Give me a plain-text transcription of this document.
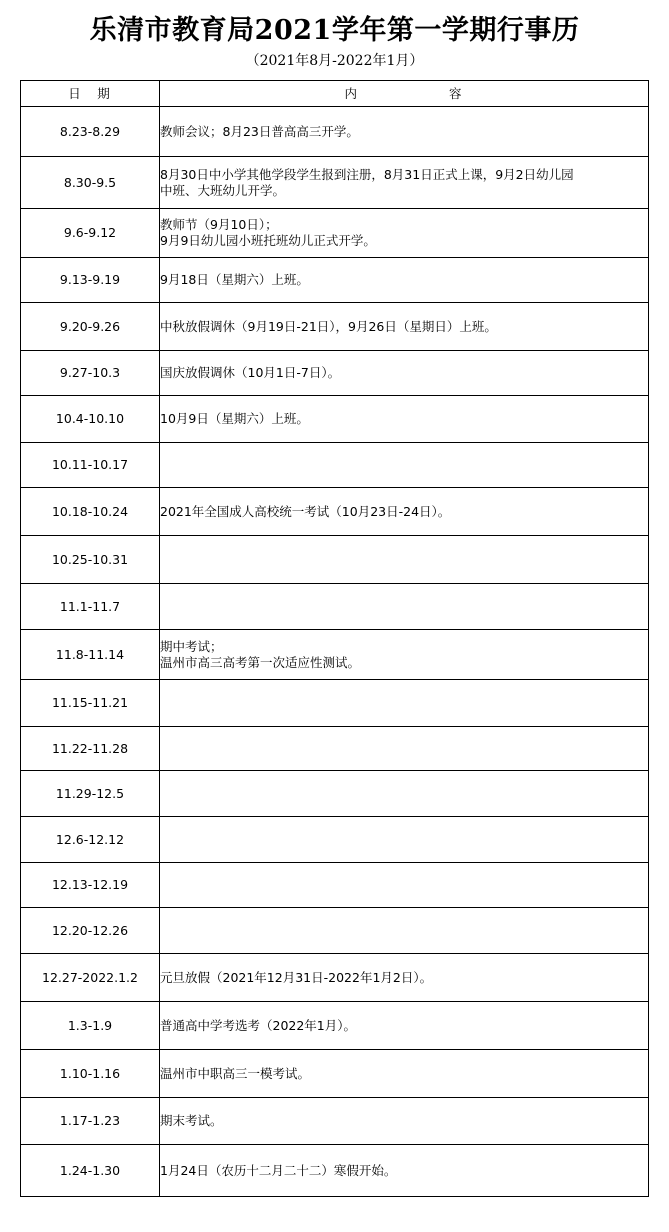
乐清市教育局2021学年第一学期行事历
（2021年8月-2022年1月）
日　期	内 容
8.23-8.29	教师会议；8月23日普高高三开学。

8.30-9.5	8月30日中小学其他学段学生报到注册，8月31日正式上课，9月2日幼儿园
中班、大班幼儿开学。

9.6-9.12	教师节（9月10日）；
9月9日幼儿园小班托班幼儿正式开学。

9.13-9.19	9月18日（星期六）上班。

9.20-9.26	中秋放假调休（9月19日-21日），9月26日（星期日）上班。

9.27-10.3	国庆放假调休（10月1日-7日）。

10.4-10.10	10月9日（星期六）上班。

10.11-10.17	
10.18-10.24	2021年全国成人高校统一考试（10月23日-24日）。

10.25-10.31	
11.1-11.7	
11.8-11.14	期中考试；
温州市高三高考第一次适应性测试。

11.15-11.21	
11.22-11.28	
11.29-12.5	
12.6-12.12	
12.13-12.19	
12.20-12.26	
12.27-2022.1.2	元旦放假（2021年12月31日-2022年1月2日）。

1.3-1.9	普通高中学考选考（2022年1月）。

1.10-1.16	温州市中职高三一模考试。

1.17-1.23	期末考试。

1.24-1.30	1月24日（农历十二月二十二）寒假开始。
